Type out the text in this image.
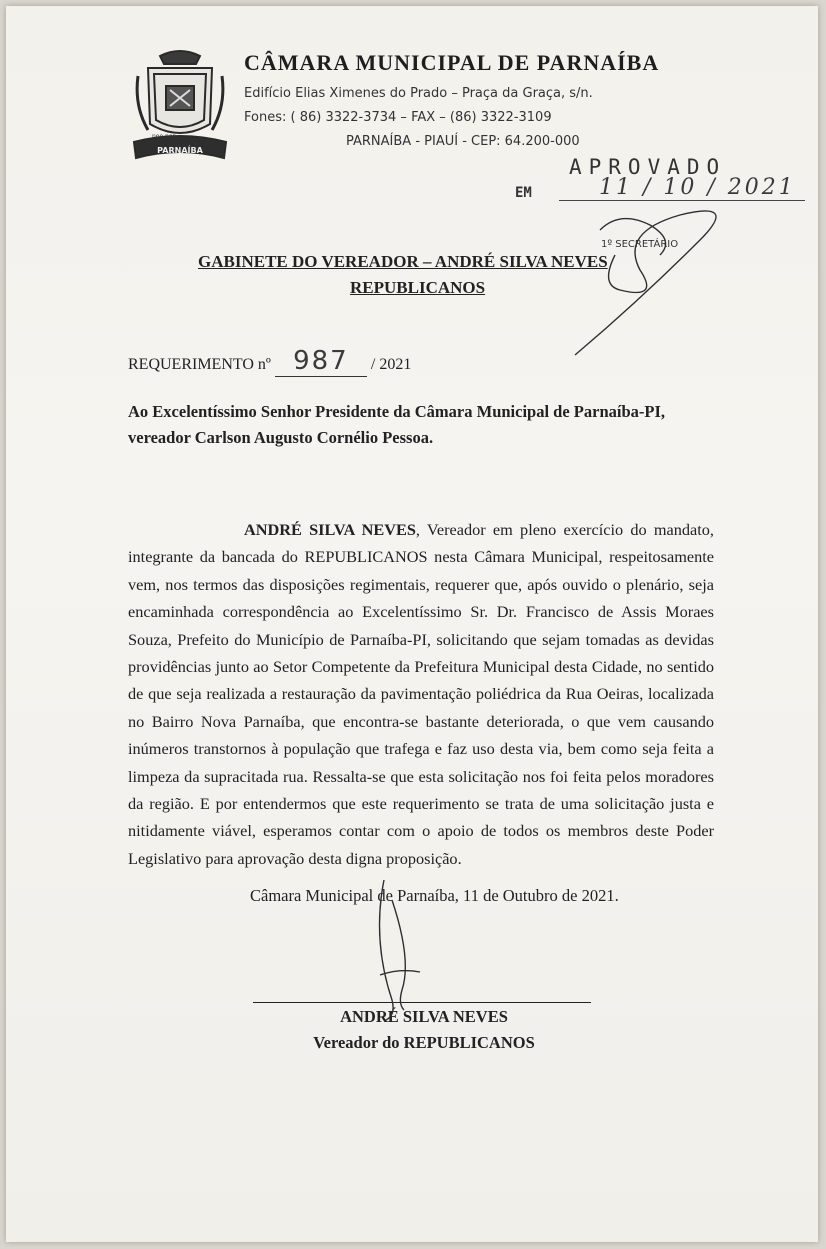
noo non
PARNAÍBA
CÂMARA MUNICIPAL DE PARNAÍBA
Edifício Elias Ximenes do Prado – Praça da Graça, s/n.
Fones: ( 86) 3322-3734 – FAX – (86) 3322-3109
PARNAÍBA - PIAUÍ - CEP: 64.200-000
APROVADO
EM	11 / 10 / 2021
1º SECRETÁRIO
GABINETE DO VEREADOR – ANDRÉ SILVA NEVES
REPUBLICANOS
REQUERIMENTO nº 987 / 2021
Ao Excelentíssimo Senhor Presidente da Câmara Municipal de Parnaíba-PI,
vereador Carlson Augusto Cornélio Pessoa.
ANDRÉ SILVA NEVES, Vereador em pleno exercício do mandato, integrante da bancada do REPUBLICANOS nesta Câmara Municipal, respeitosamente vem, nos termos das disposições regimentais, requerer que, após ouvido o plenário, seja encaminhada correspondência ao Excelentíssimo Sr. Dr. Francisco de Assis Moraes Souza, Prefeito do Município de Parnaíba-PI, solicitando que sejam tomadas as devidas providências junto ao Setor Competente da Prefeitura Municipal desta Cidade, no sentido de que seja realizada a restauração da pavimentação poliédrica da Rua Oeiras, localizada no Bairro Nova Parnaíba, que encontra-se bastante deteriorada, o que vem causando inúmeros transtornos à população que trafega e faz uso desta via, bem como seja feita a limpeza da supracitada rua. Ressalta-se que esta solicitação nos foi feita pelos moradores da região. E por entendermos que este requerimento se trata de uma solicitação justa e nitidamente viável, esperamos contar com o apoio de todos os membros deste Poder Legislativo para aprovação desta digna proposição.
Câmara Municipal de Parnaíba, 11 de Outubro de 2021.
ANDRÉ SILVA NEVES
Vereador do REPUBLICANOS
